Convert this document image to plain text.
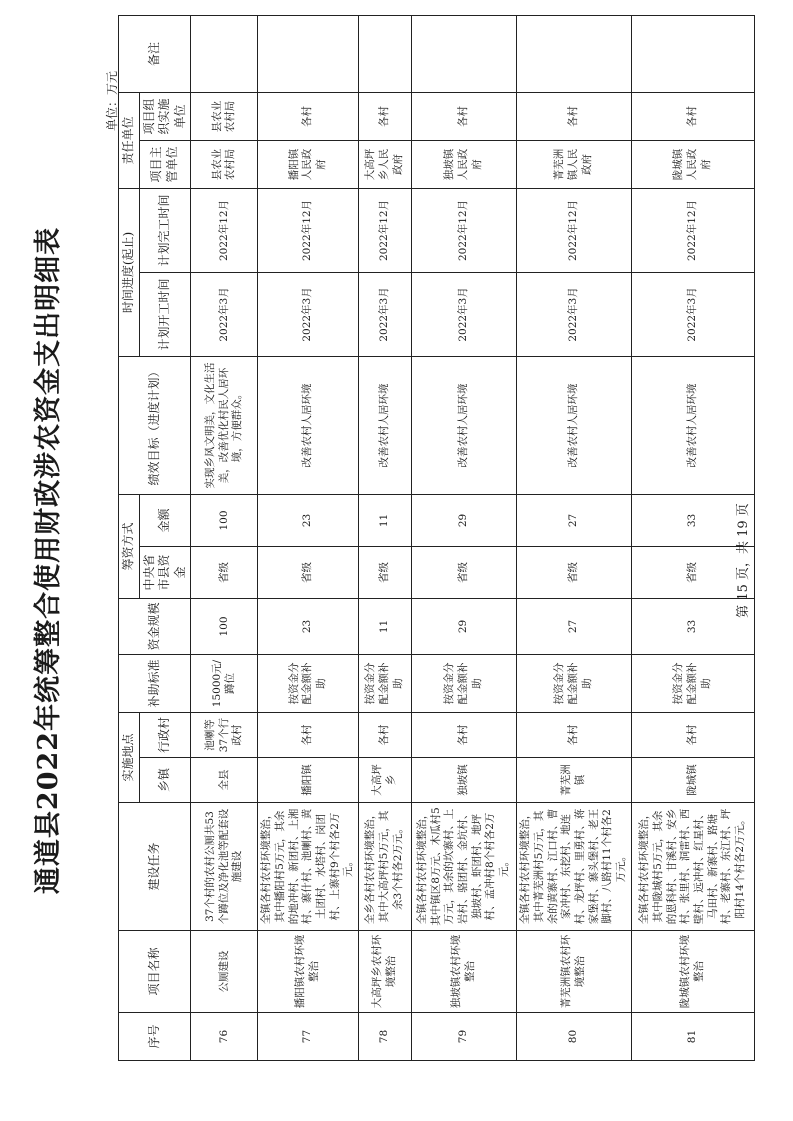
通道县2022年统筹整合使用财政涉农资金支出明细表
单位：万元
序号	项目名称	建设任务	实施地点		补助标准	资金规模	筹资方式		绩效目标（进度计划）	时间进度(起止)		责任单位		备注
			乡镇	行政村			中央省市县资金	金额		计划开工时间	计划完工时间	项目主管单位	项目组织实施单位	
76	公厕建设	37个村的农村公厕共53个蹲位及净化池等配套设施建设	全县	池喇等37个行政村	15000元/蹲位	100	省级	100	实现乡风文明美，文化生活美，改善优化村民人居环境，方便群众。	2022年3月	2022年12月	县农业农村局	县农业农村局	
77	播阳镇农村环境整治	全镇各村农村环境整治，其中播阳村5万元，其余的地冲村、新团村、上湘村、寨什村、池喇村、黄土团村、水塔村、岗团村、上寨村9个村各2万元。	播阳镇	各村	按资金分配金额补助	23	省级	23	改善农村人居环境	2022年3月	2022年12月	播阳镇人民政府	各村	
78	大高坪乡农村环境整治	全乡各村农村环境整治，其中大高坪村5万元，其余3个村各2万元。	大高坪乡	各村	按资金分配金额补助	11	省级	11	改善农村人居环境	2022年3月	2022年12月	大高坪乡人民政府	各村	
79	独坡镇农村环境整治	全镇各村农村环境整治，其中镇区8万元、木瓜村5万元，其余的坎寨村、上岩村、骆团村、金坑村、独坡村、虾团村、地坪村、孟冲村8个村各2万元。	独坡镇	各村	按资金分配金额补助	29	省级	29	改善农村人居环境	2022年3月	2022年12月	独坡镇人民政府	各村	
80	菁芜洲镇农村环境整治	全镇各村农村环境整治，其中菁芜洲村5万元，其余的黄寨村、江口村、曹家冲村、东挖村、地连村、龙坪村、里勇村、蒋家堡村、寨头堡村、老王脚村、八路村11个村各2万元。	菁芜洲镇	各村	按资金分配金额补助	27	省级	27	改善农村人居环境	2022年3月	2022年12月	菁芜洲镇人民政府	各村	
81	陇城镇农村环境整治	全镇各村农村环境整治，其中陇城村5万元，其余的恩科村、甘溪村、安乡村、张里村、洞雷村、西壁村、远冲村、红星村、马田村、新寨村、路塘村、老寨村、东江村、坪阳村14个村各2万元。	陇城镇	各村	按资金分配金额补助	33	省级	33	改善农村人居环境	2022年3月	2022年12月	陇城镇人民政府	各村	
第 15 页，共 19 页
